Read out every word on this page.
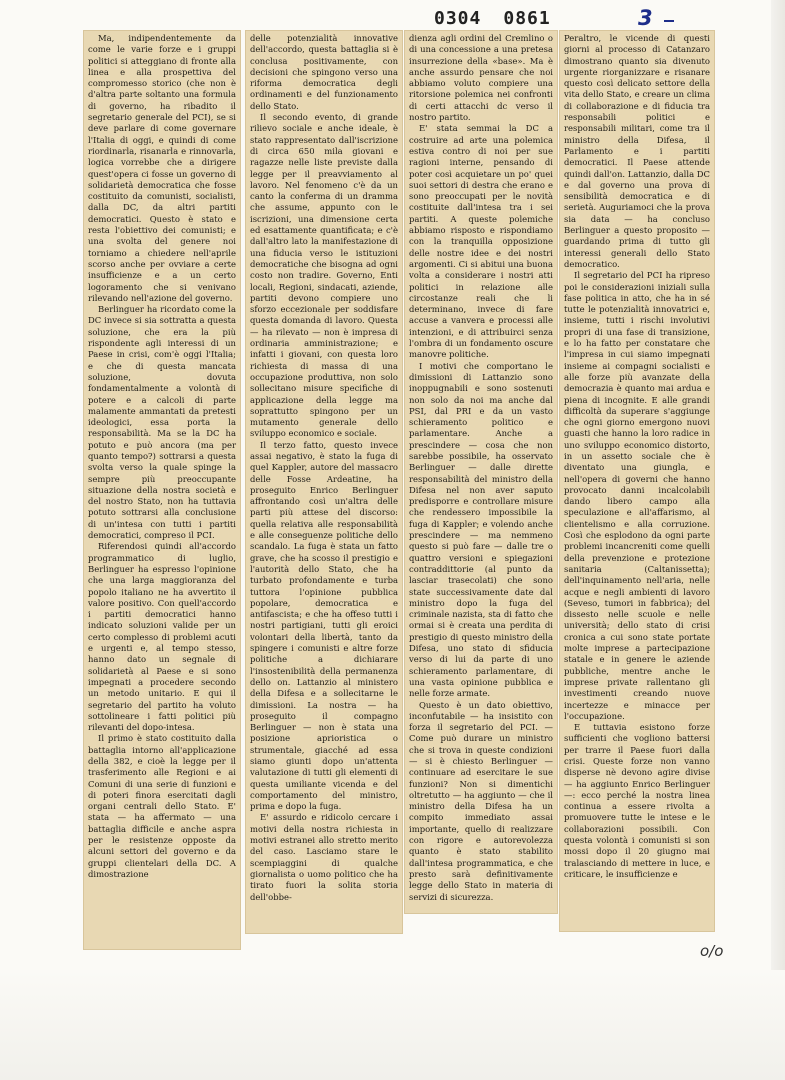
0304 0861	3

Ma, indipendentemente da come le varie forze e i gruppi politici si atteggiano di fronte alla linea e alla prospettiva del compromesso storico (che non è d'altra parte soltanto una formula di governo, ha ribadito il segretario generale del PCI), se si deve parlare di come governare l'Italia di oggi, e quindi di come riordinarla, risanarla e rinnovarla, logica vorrebbe che a dirigere quest'opera ci fosse un governo di solidarietà democratica che fosse costituito da comunisti, socialisti, dalla DC, da altri partiti democratici. Questo è stato e resta l'obiettivo dei comunisti; e una svolta del genere noi torniamo a chiedere nell'aprile scorso anche per ovviare a certe insufficienze e a un certo logoramento che si venivano rilevando nell'azione del governo.

Berlinguer ha ricordato come la DC invece si sia sottratta a questa soluzione, che era la più rispondente agli interessi di un Paese in crisi, com'è oggi l'Italia; e che di questa mancata soluzione, dovuta fondamentalmente a volontà di potere e a calcoli di parte malamente ammantati da pretesti ideologici, essa porta la responsabilità. Ma se la DC ha potuto e può ancora (ma per quanto tempo?) sottrarsi a questa svolta verso la quale spinge la sempre più preoccupante situazione della nostra società e del nostro Stato, non ha tuttavia potuto sottrarsi alla conclusione di un'intesa con tutti i partiti democratici, compreso il PCI.

Riferendosi quindi all'accordo programmatico di luglio, Berlinguer ha espresso l'opinione che una larga maggioranza del popolo italiano ne ha avvertito il valore positivo. Con quell'accordo i partiti democratici hanno indicato soluzioni valide per un certo complesso di problemi acuti e urgenti e, al tempo stesso, hanno dato un segnale di solidarietà al Paese e si sono impegnati a procedere secondo un metodo unitario. E qui il segretario del partito ha voluto sottolineare i fatti politici più rilevanti del dopo-intesa.

Il primo è stato costituito dalla battaglia intorno all'applicazione della 382, e cioè la legge per il trasferimento alle Regioni e ai Comuni di una serie di funzioni e di poteri finora esercitati dagli organi centrali dello Stato. E' stata — ha affermato — una battaglia difficile e anche aspra per le resistenze opposte da alcuni settori del governo e da gruppi clientelari della DC. A dimostrazione

delle potenzialità innovative dell'accordo, questa battaglia si è conclusa positivamente, con decisioni che spingono verso una riforma democratica degli ordinamenti e del funzionamento dello Stato.

Il secondo evento, di grande rilievo sociale e anche ideale, è stato rappresentato dall'iscrizione di circa 650 mila giovani e ragazze nelle liste previste dalla legge per il preavviamento al lavoro. Nel fenomeno c'è da un canto la conferma di un dramma che assume, appunto con le iscrizioni, una dimensione certa ed esattamente quantificata; e c'è dall'altro lato la manifestazione di una fiducia verso le istituzioni democratiche che bisogna ad ogni costo non tradire. Governo, Enti locali, Regioni, sindacati, aziende, partiti devono compiere uno sforzo eccezionale per soddisfare questa domanda di lavoro. Questa — ha rilevato — non è impresa di ordinaria amministrazione; e infatti i giovani, con questa loro richiesta di massa di una occupazione produttiva, non solo sollecitano misure specifiche di applicazione della legge ma soprattutto spingono per un mutamento generale dello sviluppo economico e sociale.

Il terzo fatto, questo invece assai negativo, è stato la fuga di quel Kappler, autore del massacro delle Fosse Ardeatine, ha proseguito Enrico Berlinguer affrontando così un'altra delle parti più attese del discorso: quella relativa alle responsabilità e alle conseguenze politiche dello scandalo. La fuga è stata un fatto grave, che ha scosso il prestigio e l'autorità dello Stato, che ha turbato profondamente e turba tuttora l'opinione pubblica popolare, democratica e antifascista; e che ha offeso tutti i nostri partigiani, tutti gli eroici volontari della libertà, tanto da spingere i comunisti e altre forze politiche a dichiarare l'insostenibilità della permanenza dello on. Lattanzio al ministero della Difesa e a sollecitarne le dimissioni. La nostra — ha proseguito il compagno Berlinguer — non è stata una posizione aprioristica o strumentale, giacché ad essa siamo giunti dopo un'attenta valutazione di tutti gli elementi di questa umiliante vicenda e del comportamento del ministro, prima e dopo la fuga.

E' assurdo e ridicolo cercare i motivi della nostra richiesta in motivi estranei allo stretto merito del caso. Lasciamo stare le scempiaggini di qualche giornalista o uomo politico che ha tirato fuori la solita storia dell'obbe-

dienza agli ordini del Cremlino o di una concessione a una pretesa insurrezione della «base». Ma è anche assurdo pensare che noi abbiamo voluto compiere una ritorsione polemica nei confronti di certi attacchi dc verso il nostro partito.

E' stata semmai la DC a costruire ad arte una polemica estiva contro di noi per sue ragioni interne, pensando di poter così acquietare un po' quei suoi settori di destra che erano e sono preoccupati per le novità costituite dall'intesa tra i sei partiti. A queste polemiche abbiamo risposto e rispondiamo con la tranquilla opposizione delle nostre idee e dei nostri argomenti. Ci si abitui una buona volta a considerare i nostri atti politici in relazione alle circostanze reali che li determinano, invece di fare accuse a vanvera e processi alle intenzioni, e di attribuirci senza l'ombra di un fondamento oscure manovre politiche.

I motivi che comportano le dimissioni di Lattanzio sono inoppugnabili e sono sostenuti non solo da noi ma anche dal PSI, dal PRI e da un vasto schieramento politico e parlamentare. Anche a prescindere — cosa che non sarebbe possibile, ha osservato Berlinguer — dalle dirette responsabilità del ministro della Difesa nel non aver saputo predisporre e controllare misure che rendessero impossibile la fuga di Kappler; e volendo anche prescindere — ma nemmeno questo si può fare — dalle tre o quattro versioni e spiegazioni contraddittorie (al punto da lasciar trasecolati) che sono state successivamente date dal ministro dopo la fuga del criminale nazista, sta di fatto che ormai si è creata una perdita di prestigio di questo ministro della Difesa, uno stato di sfiducia verso di lui da parte di uno schieramento parlamentare, di una vasta opinione pubblica e nelle forze armate.

Questo è un dato obiettivo, inconfutabile — ha insistito con forza il segretario del PCI. — Come può durare un ministro che si trova in queste condizioni — si è chiesto Berlinguer — continuare ad esercitare le sue funzioni? Non si dimentichi oltretutto — ha aggiunto — che il ministro della Difesa ha un compito immediato assai importante, quello di realizzare con rigore e autorevolezza quanto è stato stabilito dall'intesa programmatica, e che presto sarà definitivamente legge dello Stato in materia di servizi di sicurezza.

Peraltro, le vicende di questi giorni al processo di Catanzaro dimostrano quanto sia divenuto urgente riorganizzare e risanare questo così delicato settore della vita dello Stato, e creare un clima di collaborazione e di fiducia tra responsabili politici e responsabili militari, come tra il ministro della Difesa, il Parlamento e i partiti democratici. Il Paese attende quindi dall'on. Lattanzio, dalla DC e dal governo una prova di sensibilità democratica e di serietà. Auguriamoci che la prova sia data — ha concluso Berlinguer a questo proposito — guardando prima di tutto gli interessi generali dello Stato democratico.

Il segretario del PCI ha ripreso poi le considerazioni iniziali sulla fase politica in atto, che ha in sé tutte le potenzialità innovatrici e, insieme, tutti i rischi involutivi propri di una fase di transizione, e lo ha fatto per constatare che l'impresa in cui siamo impegnati insieme ai compagni socialisti e alle forze più avanzate della democrazia è quanto mai ardua e piena di incognite. E alle grandi difficoltà da superare s'aggiunge che ogni giorno emergono nuovi guasti che hanno la loro radice in uno sviluppo economico distorto, in un assetto sociale che è diventato una giungla, e nell'opera di governi che hanno provocato danni incalcolabili dando libero campo alla speculazione e all'affarismo, al clientelismo e alla corruzione. Così che esplodono da ogni parte problemi incancreniti come quelli della prevenzione e protezione sanitaria (Caltanissetta); dell'inquinamento nell'aria, nelle acque e negli ambienti di lavoro (Seveso, tumori in fabbrica); del dissesto nelle scuole e nelle università; dello stato di crisi cronica a cui sono state portate molte imprese a partecipazione statale e in genere le aziende pubbliche, mentre anche le imprese private rallentano gli investimenti creando nuove incertezze e minacce per l'occupazione.

E tuttavia esistono forze sufficienti che vogliono battersi per trarre il Paese fuori dalla crisi. Queste forze non vanno disperse nè devono agire divise — ha aggiunto Enrico Berlinguer —: ecco perché la nostra linea continua a essere rivolta a promuovere tutte le intese e le collaborazioni possibili. Con questa volontà i comunisti si son mossi dopo il 20 giugno mai tralasciando di mettere in luce, e criticare, le insufficienze e

o/o
